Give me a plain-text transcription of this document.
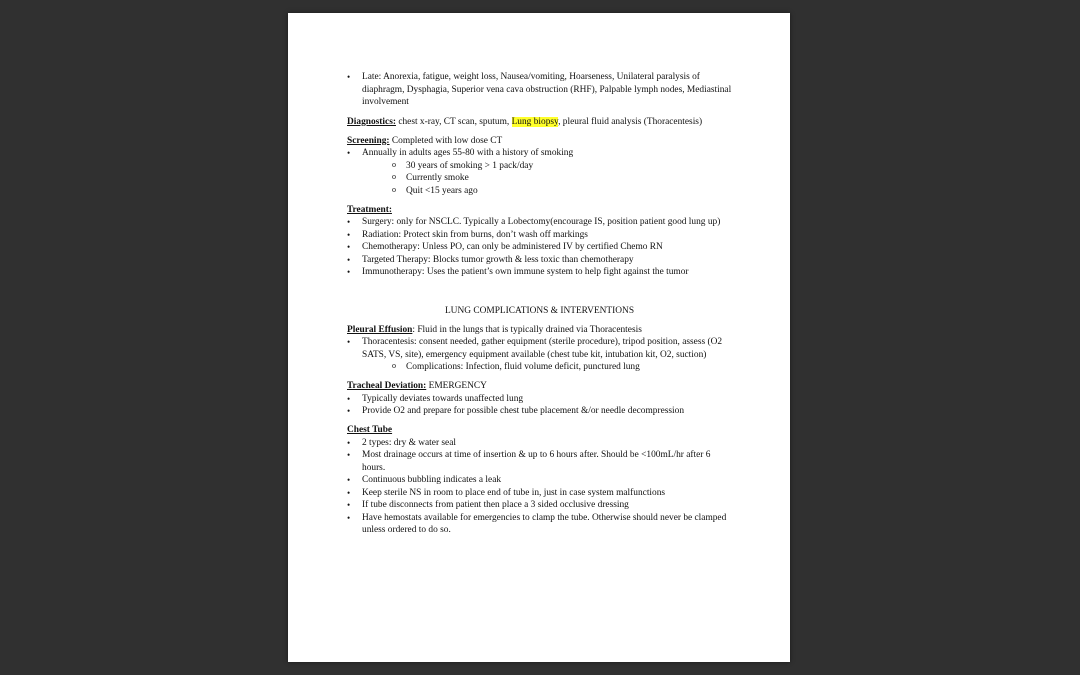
• Late: Anorexia, fatigue, weight loss, Nausea/vomiting, Hoarseness, Unilateral paralysis of diaphragm, Dysphagia, Superior vena cava obstruction (RHF), Palpable lymph nodes, Mediastinal involvement

Diagnostics: chest x-ray, CT scan, sputum, Lung biopsy, pleural fluid analysis (Thoracentesis)

Screening: Completed with low dose CT

• Annually in adults ages 55-80 with a history of smoking
o 30 years of smoking > 1 pack/day
o Currently smoke
o Quit <15 years ago

Treatment:

• Surgery: only for NSCLC. Typically a Lobectomy(encourage IS, position patient good lung up)
• Radiation: Protect skin from burns, don’t wash off markings
• Chemotherapy: Unless PO, can only be administered IV by certified Chemo RN
• Targeted Therapy: Blocks tumor growth & less toxic than chemotherapy
• Immunotherapy: Uses the patient’s own immune system to help fight against the tumor

LUNG COMPLICATIONS & INTERVENTIONS

Pleural Effusion: Fluid in the lungs that is typically drained via Thoracentesis

• Thoracentesis: consent needed, gather equipment (sterile procedure), tripod position, assess (O2 SATS, VS, site), emergency equipment available (chest tube kit, intubation kit, O2, suction)
o Complications: Infection, fluid volume deficit, punctured lung

Tracheal Deviation: EMERGENCY

• Typically deviates towards unaffected lung
• Provide O2 and prepare for possible chest tube placement &/or needle decompression

Chest Tube

• 2 types: dry & water seal
• Most drainage occurs at time of insertion & up to 6 hours after. Should be <100mL/hr after 6 hours.
• Continuous bubbling indicates a leak
• Keep sterile NS in room to place end of tube in, just in case system malfunctions
• If tube disconnects from patient then place a 3 sided occlusive dressing
• Have hemostats available for emergencies to clamp the tube. Otherwise should never be clamped unless ordered to do so.
